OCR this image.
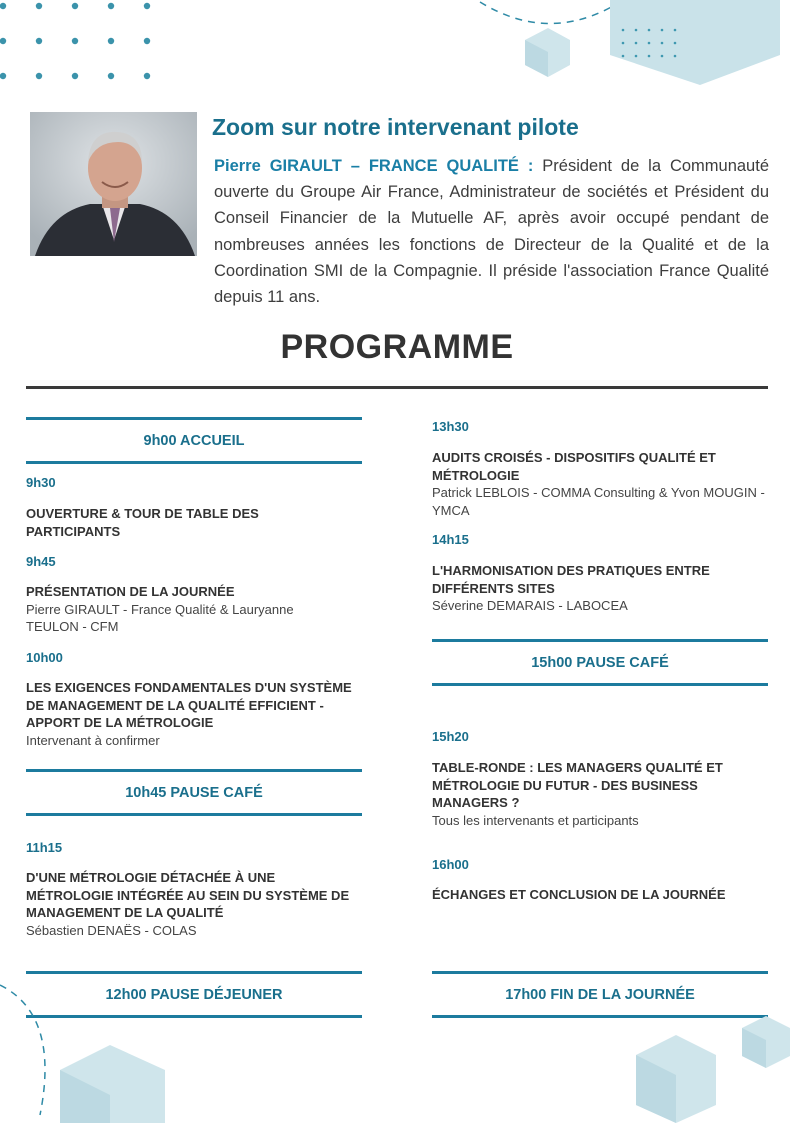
Zoom sur notre intervenant pilote
Pierre GIRAULT – FRANCE QUALITÉ : Président de la Communauté ouverte du Groupe Air France, Administrateur de sociétés et Président du Conseil Financier de la Mutuelle AF, après avoir occupé pendant de nombreuses années les fonctions de Directeur de la Qualité et de la Coordination SMI de la Compagnie. Il préside l'association France Qualité depuis 11 ans.
PROGRAMME
9h00 ACCUEIL
9h30
OUVERTURE & TOUR DE TABLE DES PARTICIPANTS
9h45
PRÉSENTATION DE LA JOURNÉE
Pierre GIRAULT - France Qualité & Lauryanne TEULON - CFM
10h00
LES EXIGENCES FONDAMENTALES D'UN SYSTÈME DE MANAGEMENT DE LA QUALITÉ EFFICIENT - APPORT DE LA MÉTROLOGIE
Intervenant à confirmer
10h45 PAUSE CAFÉ
11h15
D'UNE MÉTROLOGIE DÉTACHÉE À UNE MÉTROLOGIE INTÉGRÉE AU SEIN DU SYSTÈME DE MANAGEMENT DE LA QUALITÉ
Sébastien DENAËS - COLAS
12h00 PAUSE DÉJEUNER
13h30
AUDITS CROISÉS - DISPOSITIFS QUALITÉ ET MÉTROLOGIE
Patrick LEBLOIS - COMMA Consulting & Yvon MOUGIN - YMCA
14h15
L'HARMONISATION DES PRATIQUES ENTRE DIFFÉRENTS SITES
Séverine DEMARAIS - LABOCEA
15h00 PAUSE CAFÉ
15h20
TABLE-RONDE : LES MANAGERS QUALITÉ ET MÉTROLOGIE DU FUTUR - DES BUSINESS MANAGERS ?
Tous les intervenants et participants
16h00
ÉCHANGES ET CONCLUSION DE LA JOURNÉE
17h00 FIN DE LA JOURNÉE
